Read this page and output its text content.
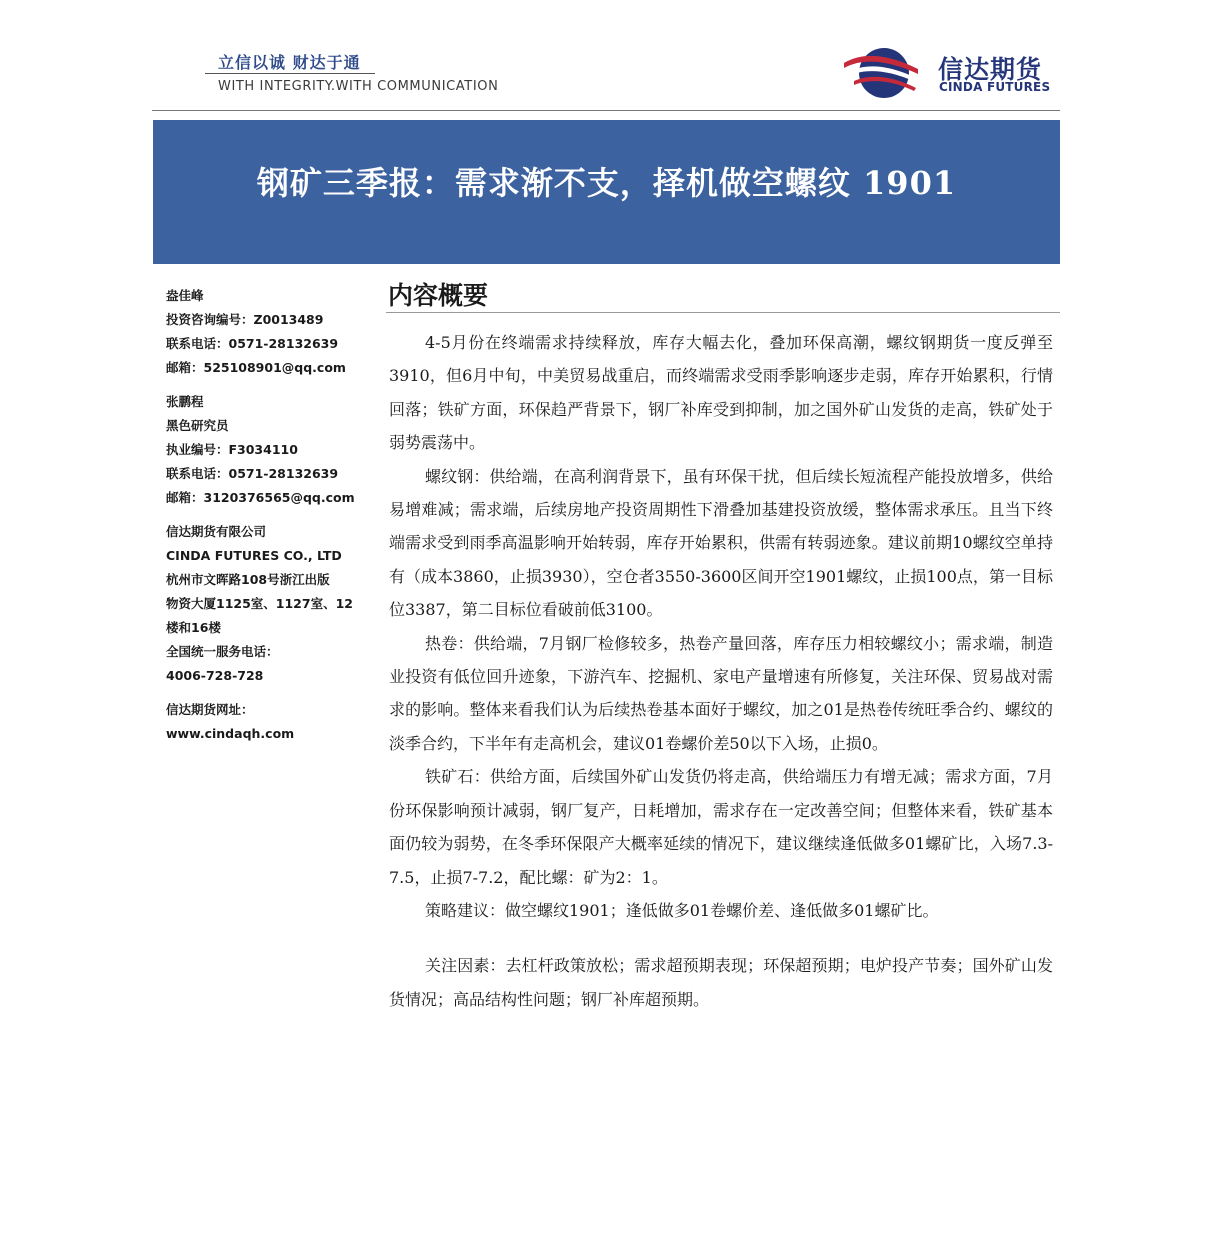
立信以诚 财达于通
WITH INTEGRITY.WITH COMMUNICATION
信达期货
CINDA FUTURES
钢矿三季报：需求渐不支，择机做空螺纹 1901
盎佳峰
投资咨询编号：Z0013489
联系电话：0571-28132639
邮箱：525108901@qq.com
张鹏程
黑色研究员
执业编号：F3034110
联系电话：0571-28132639
邮箱：3120376565@qq.com
信达期货有限公司
CINDA FUTURES CO., LTD
杭州市文晖路108号浙江出版
物资大厦1125室、1127室、12
楼和16楼
全国统一服务电话：
4006-728-728
信达期货网址：
www.cindaqh.com
内容概要

4-5月份在终端需求持续释放，库存大幅去化，叠加环保高潮，螺纹钢期货一度反弹至3910，但6月中旬，中美贸易战重启，而终端需求受雨季影响逐步走弱，库存开始累积，行情回落；铁矿方面，环保趋严背景下，钢厂补库受到抑制，加之国外矿山发货的走高，铁矿处于弱势震荡中。

螺纹钢：供给端，在高利润背景下，虽有环保干扰，但后续长短流程产能投放增多，供给易增难减；需求端，后续房地产投资周期性下滑叠加基建投资放缓，整体需求承压。且当下终端需求受到雨季高温影响开始转弱，库存开始累积，供需有转弱迹象。建议前期10螺纹空单持有（成本3860，止损3930），空仓者3550-3600区间开空1901螺纹，止损100点，第一目标位3387，第二目标位看破前低3100。

热卷：供给端，7月钢厂检修较多，热卷产量回落，库存压力相较螺纹小；需求端，制造业投资有低位回升迹象，下游汽车、挖掘机、家电产量增速有所修复，关注环保、贸易战对需求的影响。整体来看我们认为后续热卷基本面好于螺纹，加之01是热卷传统旺季合约、螺纹的淡季合约，下半年有走高机会，建议01卷螺价差50以下入场，止损0。

铁矿石：供给方面，后续国外矿山发货仍将走高，供给端压力有增无减；需求方面，7月份环保影响预计减弱，钢厂复产，日耗增加，需求存在一定改善空间；但整体来看，铁矿基本面仍较为弱势，在冬季环保限产大概率延续的情况下，建议继续逢低做多01螺矿比，入场7.3-7.5，止损7-7.2，配比螺：矿为2：1。

策略建议：做空螺纹1901；逢低做多01卷螺价差、逢低做多01螺矿比。

关注因素：去杠杆政策放松；需求超预期表现；环保超预期；电炉投产节奏；国外矿山发货情况；高品结构性问题；钢厂补库超预期。
